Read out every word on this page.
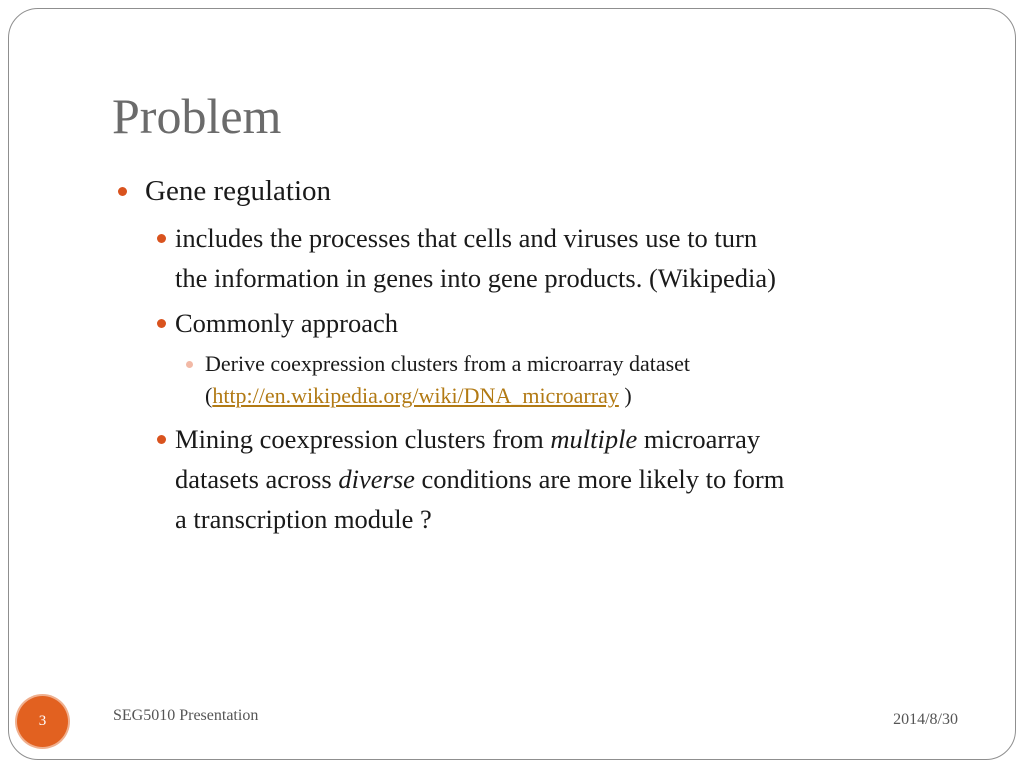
Problem
Gene regulation
includes the processes that cells and viruses use to turn
the information in genes into gene products. (Wikipedia)
Commonly approach
Derive coexpression clusters from a microarray dataset
(http://en.wikipedia.org/wiki/DNA_microarray )
Mining coexpression clusters from multiple microarray
datasets across diverse conditions are more likely to form
a transcription module ?
3	SEG5010 Presentation	2014/8/30
